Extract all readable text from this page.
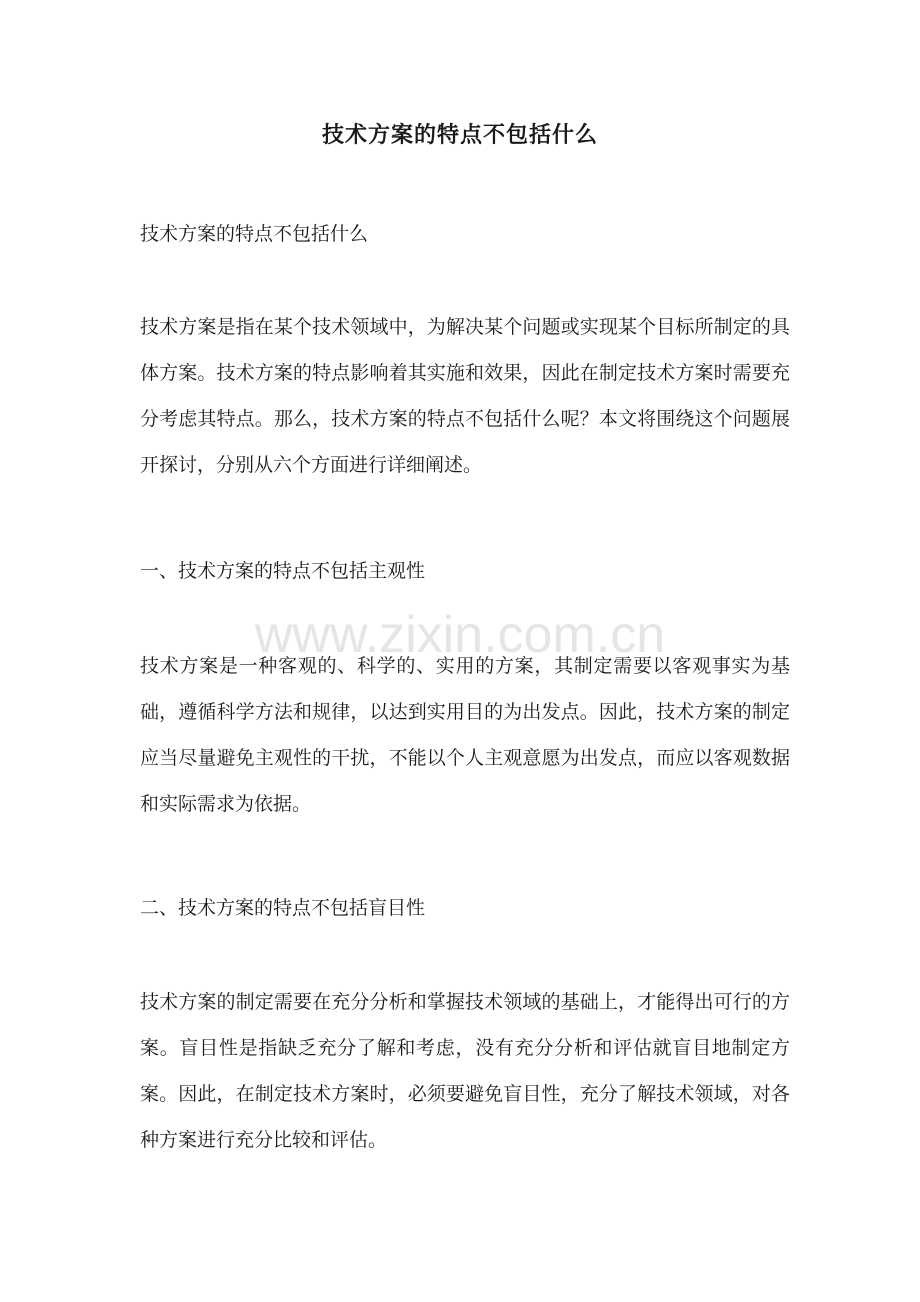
技术方案的特点不包括什么

技术方案的特点不包括什么

技术方案是指在某个技术领域中，为解决某个问题或实现某个目标所制定的具体方案。技术方案的特点影响着其实施和效果，因此在制定技术方案时需要充分考虑其特点。那么，技术方案的特点不包括什么呢？本文将围绕这个问题展开探讨，分别从六个方面进行详细阐述。

一、技术方案的特点不包括主观性

技术方案是一种客观的、科学的、实用的方案，其制定需要以客观事实为基础，遵循科学方法和规律，以达到实用目的为出发点。因此，技术方案的制定应当尽量避免主观性的干扰，不能以个人主观意愿为出发点，而应以客观数据和实际需求为依据。

二、技术方案的特点不包括盲目性

技术方案的制定需要在充分分析和掌握技术领域的基础上，才能得出可行的方案。盲目性是指缺乏充分了解和考虑，没有充分分析和评估就盲目地制定方案。因此，在制定技术方案时，必须要避免盲目性，充分了解技术领域，对各种方案进行充分比较和评估。

www.zixin.com.cn
